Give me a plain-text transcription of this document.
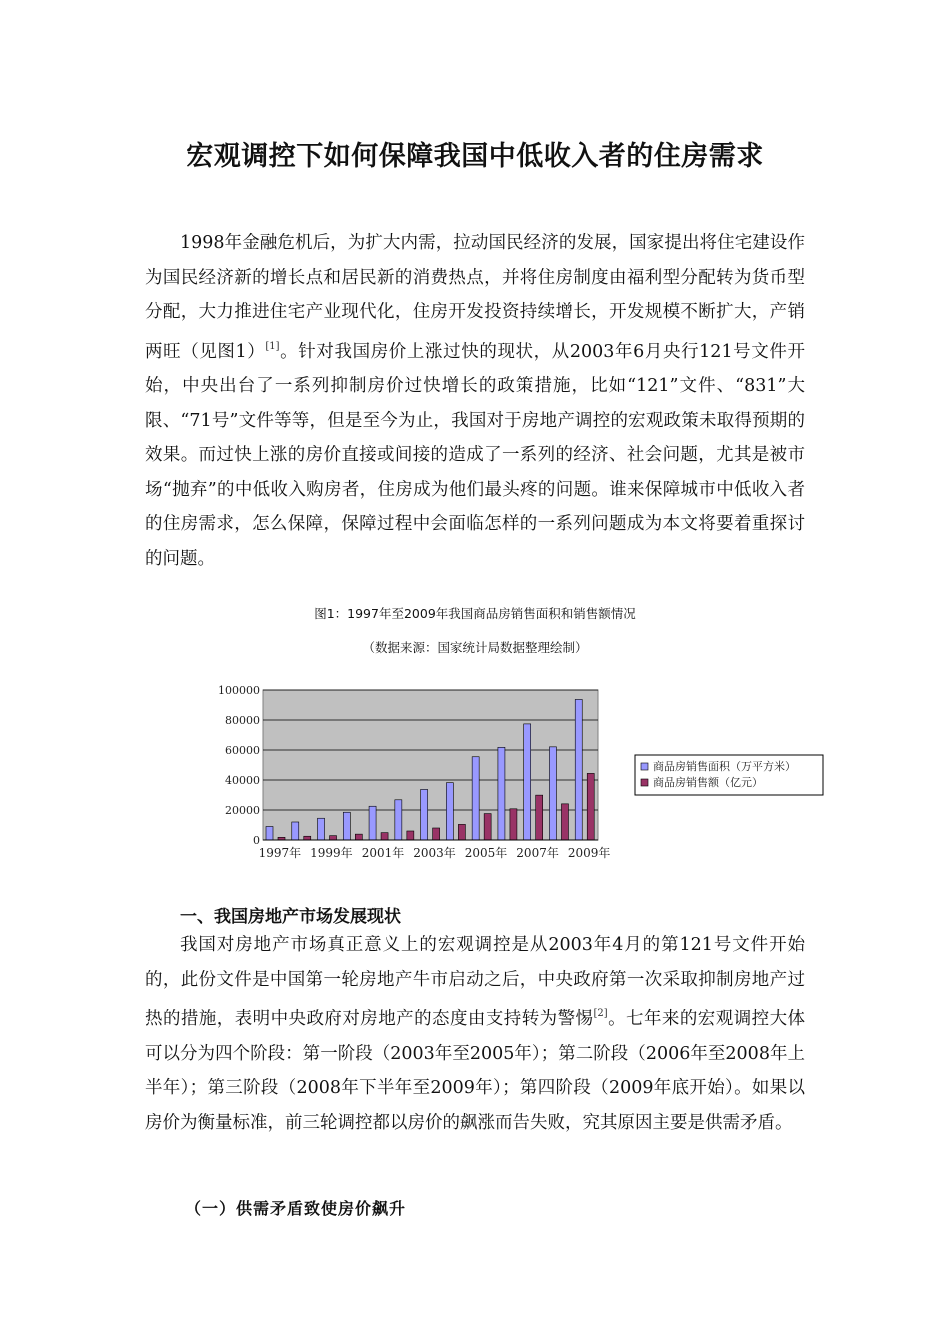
宏观调控下如何保障我国中低收入者的住房需求

1998年金融危机后，为扩大内需，拉动国民经济的发展，国家提出将住宅建设作为国民经济新的增长点和居民新的消费热点，并将住房制度由福利型分配转为货币型分配，大力推进住宅产业现代化，住房开发投资持续增长，开发规模不断扩大，产销两旺（见图1）[1]。针对我国房价上涨过快的现状，从2003年6月央行121号文件开始，中央出台了一系列抑制房价过快增长的政策措施，比如“121”文件、“831”大限、“71号”文件等等，但是至今为止，我国对于房地产调控的宏观政策未取得预期的效果。而过快上涨的房价直接或间接的造成了一系列的经济、社会问题，尤其是被市场“抛弃”的中低收入购房者，住房成为他们最头疼的问题。谁来保障城市中低收入者的住房需求，怎么保障，保障过程中会面临怎样的一系列问题成为本文将要着重探讨的问题。

图1：1997年至2009年我国商品房销售面积和销售额情况

（数据来源：国家统计局数据整理绘制）

100000
80000
60000
40000
20000
0
1997年 1999年 2001年 2003年 2005年 2007年 2009年
商品房销售面积（万平方米）
商品房销售额（亿元）
一、我国房地产市场发展现状

我国对房地产市场真正意义上的宏观调控是从2003年4月的第121号文件开始的，此份文件是中国第一轮房地产牛市启动之后，中央政府第一次采取抑制房地产过热的措施，表明中央政府对房地产的态度由支持转为警惕[2]。七年来的宏观调控大体可以分为四个阶段：第一阶段（2003年至2005年）；第二阶段（2006年至2008年上半年）；第三阶段（2008年下半年至2009年）；第四阶段（2009年底开始）。如果以房价为衡量标准，前三轮调控都以房价的飙涨而告失败，究其原因主要是供需矛盾。

（一）供需矛盾致使房价飙升
